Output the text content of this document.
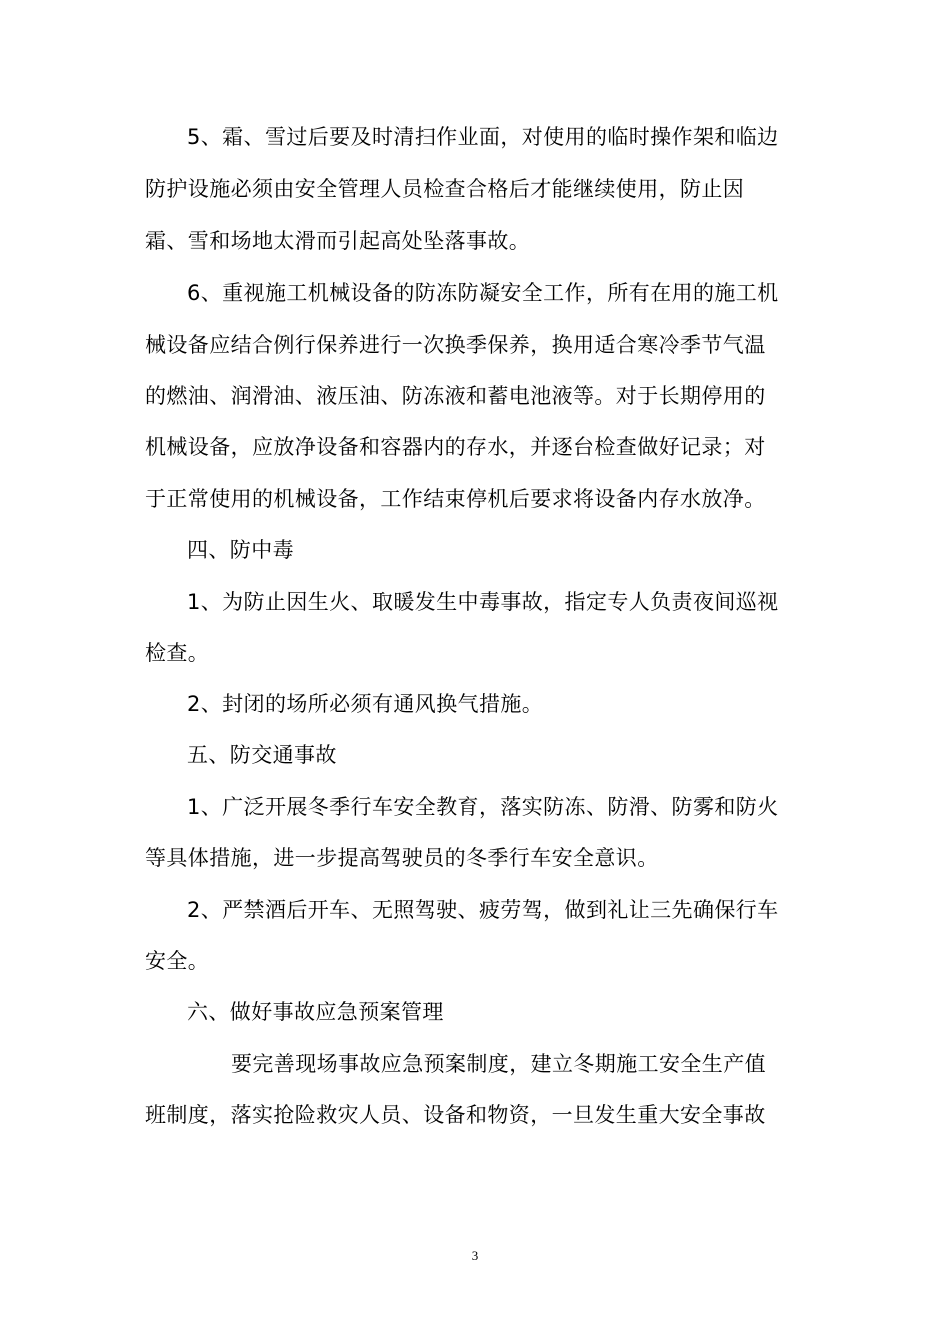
5、霜、雪过后要及时清扫作业面，对使用的临时操作架和临边
防护设施必须由安全管理人员检查合格后才能继续使用，防止因
霜、雪和场地太滑而引起高处坠落事故。
6、重视施工机械设备的防冻防凝安全工作，所有在用的施工机
械设备应结合例行保养进行一次换季保养，换用适合寒冷季节气温
的燃油、润滑油、液压油、防冻液和蓄电池液等。对于长期停用的
机械设备，应放净设备和容器内的存水，并逐台检查做好记录；对
于正常使用的机械设备，工作结束停机后要求将设备内存水放净。
四、防中毒
1、为防止因生火、取暖发生中毒事故，指定专人负责夜间巡视
检查。
2、封闭的场所必须有通风换气措施。
五、防交通事故
1、广泛开展冬季行车安全教育，落实防冻、防滑、防雾和防火
等具体措施，进一步提高驾驶员的冬季行车安全意识。
2、严禁酒后开车、无照驾驶、疲劳驾，做到礼让三先确保行车
安全。
六、做好事故应急预案管理
要完善现场事故应急预案制度，建立冬期施工安全生产值
班制度，落实抢险救灾人员、设备和物资，一旦发生重大安全事故
3
